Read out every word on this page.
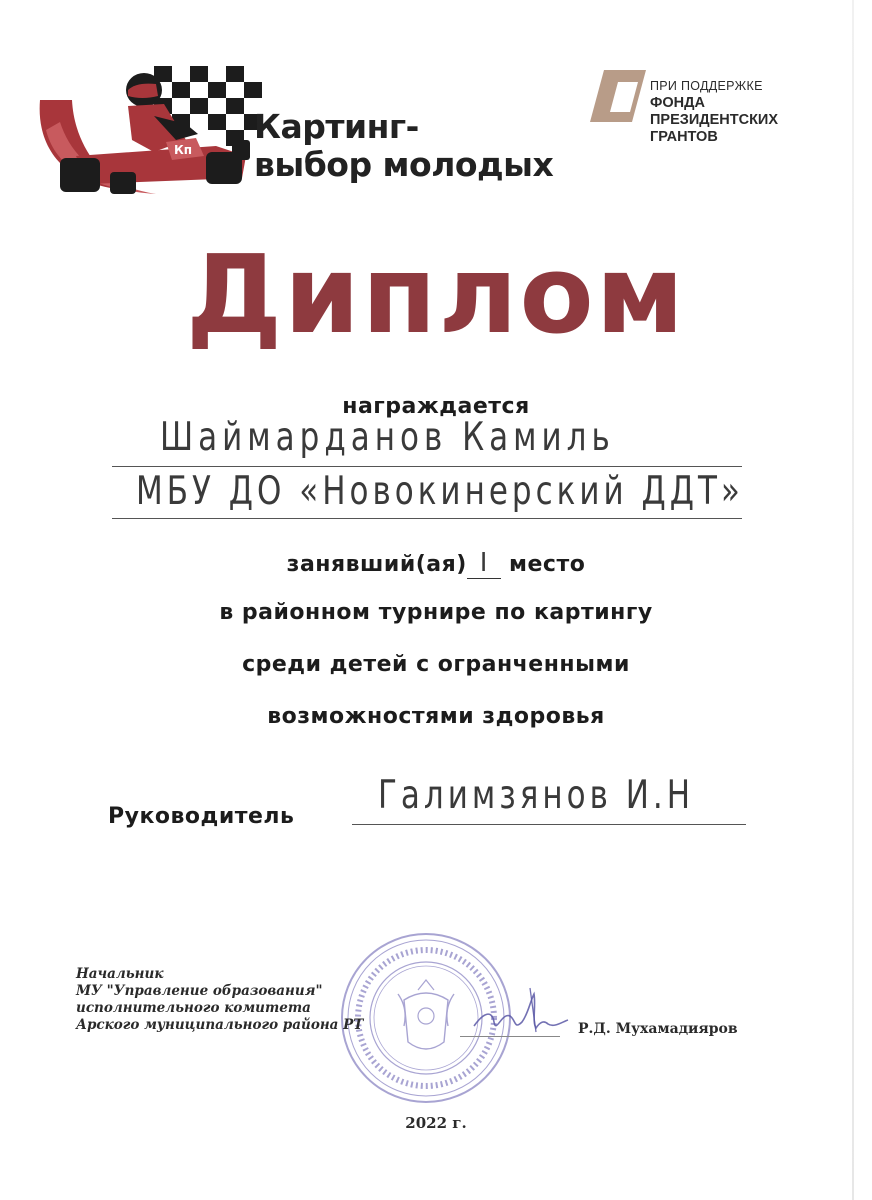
Кп
Картинг-
выбор молодых
ПРИ ПОДДЕРЖКЕ
ФОНДА
ПРЕЗИДЕНТСКИХ
ГРАНТОВ
Диплом
награждается
Шаймарданов Камиль
МБУ ДО «Новокинерский ДДТ»
занявший(ая) I место
в районном турнире по картингу
среди детей с огранченными
возможностями здоровья
Руководитель	Галимзянов И.Н
Начальник
МУ "Управление образования"
исполнительного комитета
Арского муниципального района РТ	Р.Д. Мухамадияров
2022 г.
